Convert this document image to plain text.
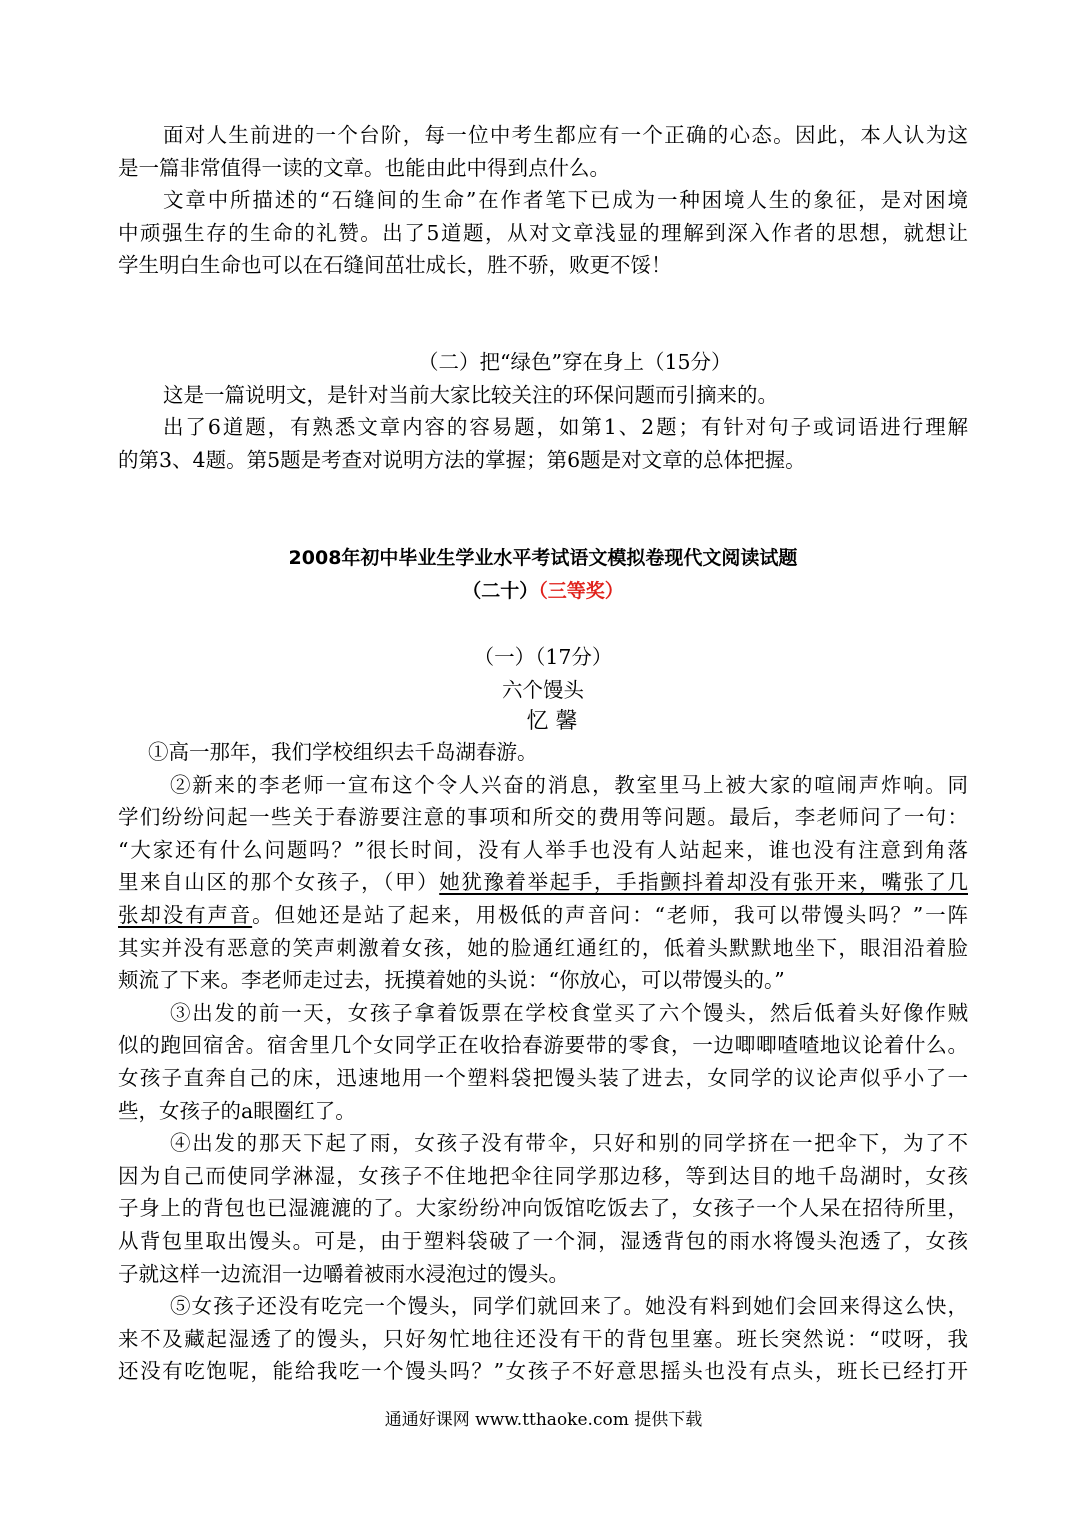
面对人生前进的一个台阶，每一位中考生都应有一个正确的心态。因此，本人认为这
是一篇非常值得一读的文章。也能由此中得到点什么。
文章中所描述的“石缝间的生命”在作者笔下已成为一种困境人生的象征，是对困境
中顽强生存的生命的礼赞。出了5道题，从对文章浅显的理解到深入作者的思想，就想让
学生明白生命也可以在石缝间茁壮成长，胜不骄，败更不馁！
（二）把“绿色”穿在身上（15分）
这是一篇说明文，是针对当前大家比较关注的环保问题而引摘来的。
出了6道题，有熟悉文章内容的容易题，如第1、2题；有针对句子或词语进行理解
的第3、4题。第5题是考查对说明方法的掌握；第6题是对文章的总体把握。
2008年初中毕业生学业水平考试语文模拟卷现代文阅读试题
（二十）（三等奖）
（一）（17分）
六个馒头
忆 馨
①高一那年，我们学校组织去千岛湖春游。
②新来的李老师一宣布这个令人兴奋的消息，教室里马上被大家的喧闹声炸响。同
学们纷纷问起一些关于春游要注意的事项和所交的费用等问题。最后，李老师问了一句：
“大家还有什么问题吗？”很长时间，没有人举手也没有人站起来，谁也没有注意到角落
里来自山区的那个女孩子，（甲）她犹豫着举起手，手指颤抖着却没有张开来，嘴张了几
张却没有声音。但她还是站了起来，用极低的声音问：“老师，我可以带馒头吗？”一阵
其实并没有恶意的笑声刺激着女孩，她的脸通红通红的，低着头默默地坐下，眼泪沿着脸
颊流了下来。李老师走过去，抚摸着她的头说：“你放心，可以带馒头的。”
③出发的前一天，女孩子拿着饭票在学校食堂买了六个馒头，然后低着头好像作贼
似的跑回宿舍。宿舍里几个女同学正在收拾春游要带的零食，一边唧唧喳喳地议论着什么。
女孩子直奔自己的床，迅速地用一个塑料袋把馒头装了进去，女同学的议论声似乎小了一
些，女孩子的a眼圈红了。
④出发的那天下起了雨，女孩子没有带伞，只好和别的同学挤在一把伞下，为了不
因为自己而使同学淋湿，女孩子不住地把伞往同学那边移，等到达目的地千岛湖时，女孩
子身上的背包也已湿漉漉的了。大家纷纷冲向饭馆吃饭去了，女孩子一个人呆在招待所里，
从背包里取出馒头。可是，由于塑料袋破了一个洞，湿透背包的雨水将馒头泡透了，女孩
子就这样一边流泪一边嚼着被雨水浸泡过的馒头。
⑤女孩子还没有吃完一个馒头，同学们就回来了。她没有料到她们会回来得这么快，
来不及藏起湿透了的馒头，只好匆忙地往还没有干的背包里塞。班长突然说：“哎呀，我
还没有吃饱呢，能给我吃一个馒头吗？”女孩子不好意思摇头也没有点头，班长已经打开
通通好课网 www.tthaoke.com 提供下载
